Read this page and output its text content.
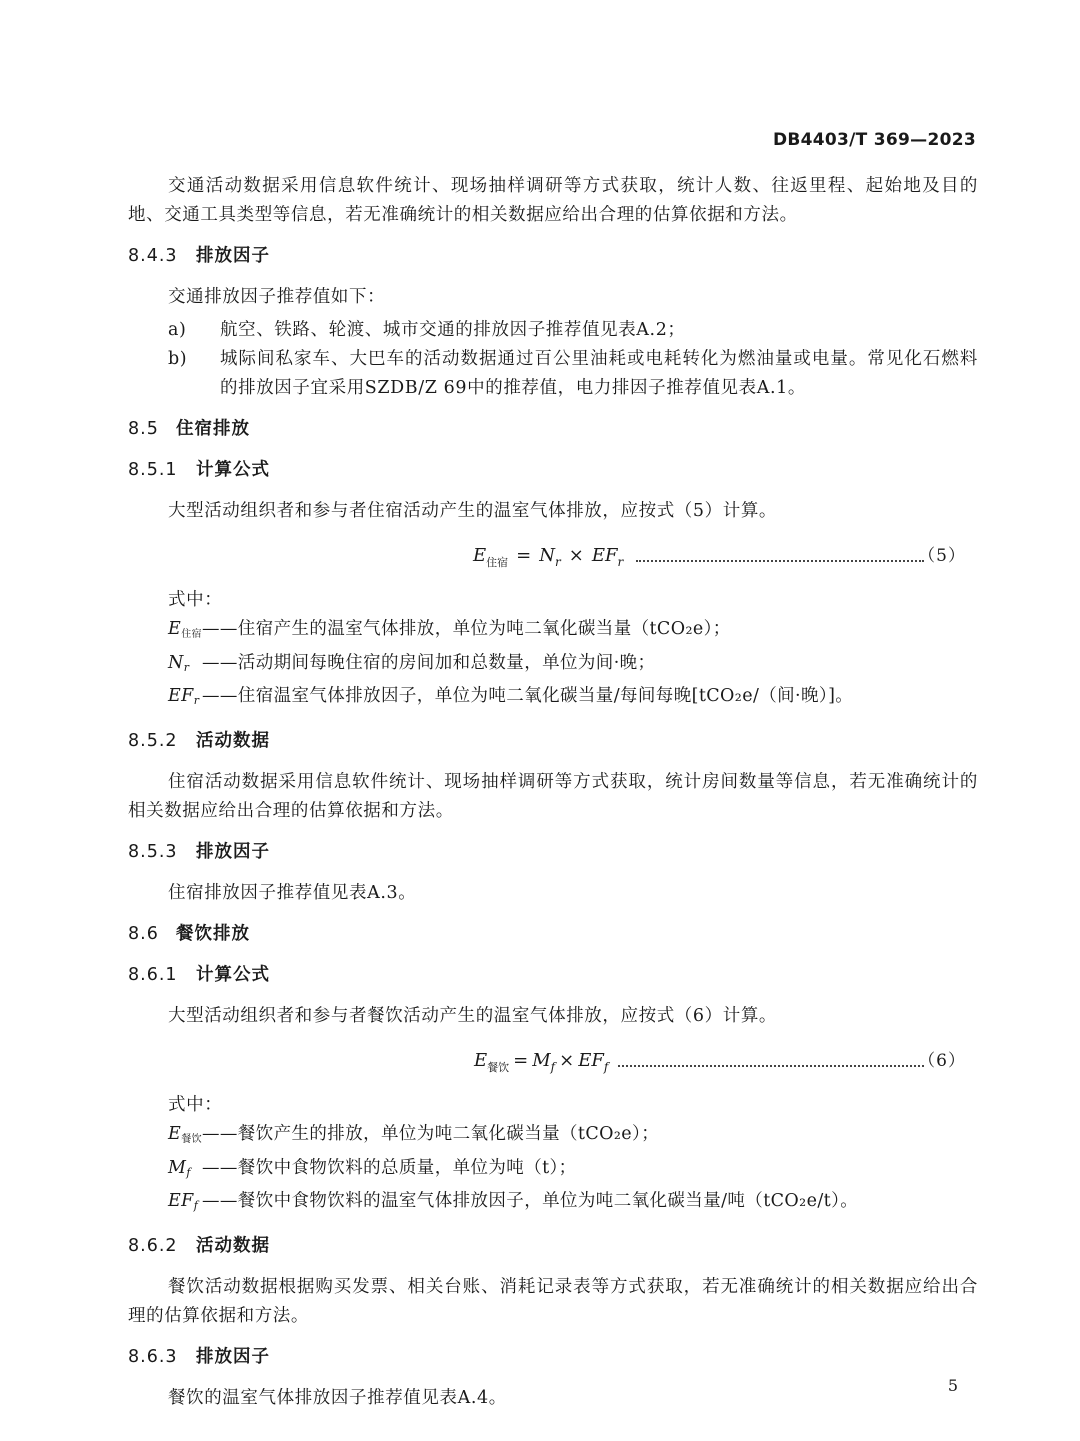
DB4403/T 369—2023

交通活动数据采用信息软件统计、现场抽样调研等方式获取，统计人数、往返里程、起始地及目的地、交通工具类型等信息，若无准确统计的相关数据应给出合理的估算依据和方法。

8.4.3	排放因子

交通排放因子推荐值如下：

a)	航空、铁路、轮渡、城市交通的排放因子推荐值见表A.2；
b)	城际间私家车、大巴车的活动数据通过百公里油耗或电耗转化为燃油量或电量。常见化石燃料的排放因子宜采用SZDB/Z 69中的推荐值，电力排因子推荐值见表A.1。
8.5 住宿排放
8.5.1	计算公式

大型活动组织者和参与者住宿活动产生的温室气体排放，应按式（5）计算。

$E_{住宿} = N_r \times EF_r$	（5）

式中：

E住宿 ——住宿产生的温室气体排放，单位为吨二氧化碳当量（tCO₂e）；
Nr ——活动期间每晚住宿的房间加和总数量，单位为间·晚；
EFr ——住宿温室气体排放因子，单位为吨二氧化碳当量/每间每晚[tCO₂e/（间·晚）]。
8.5.2	活动数据

住宿活动数据采用信息软件统计、现场抽样调研等方式获取，统计房间数量等信息，若无准确统计的相关数据应给出合理的估算依据和方法。

8.5.3	排放因子

住宿排放因子推荐值见表A.3。

8.6 餐饮排放
8.6.1	计算公式

大型活动组织者和参与者餐饮活动产生的温室气体排放，应按式（6）计算。

$E_{餐饮} = M_f \times EF_f$	（6）

式中：

E餐饮 ——餐饮产生的排放，单位为吨二氧化碳当量（tCO₂e）；
Mf ——餐饮中食物饮料的总质量，单位为吨（t）；
EFf ——餐饮中食物饮料的温室气体排放因子，单位为吨二氧化碳当量/吨（tCO₂e/t）。
8.6.2	活动数据

餐饮活动数据根据购买发票、相关台账、消耗记录表等方式获取，若无准确统计的相关数据应给出合理的估算依据和方法。

8.6.3	排放因子

餐饮的温室气体排放因子推荐值见表A.4。

5
